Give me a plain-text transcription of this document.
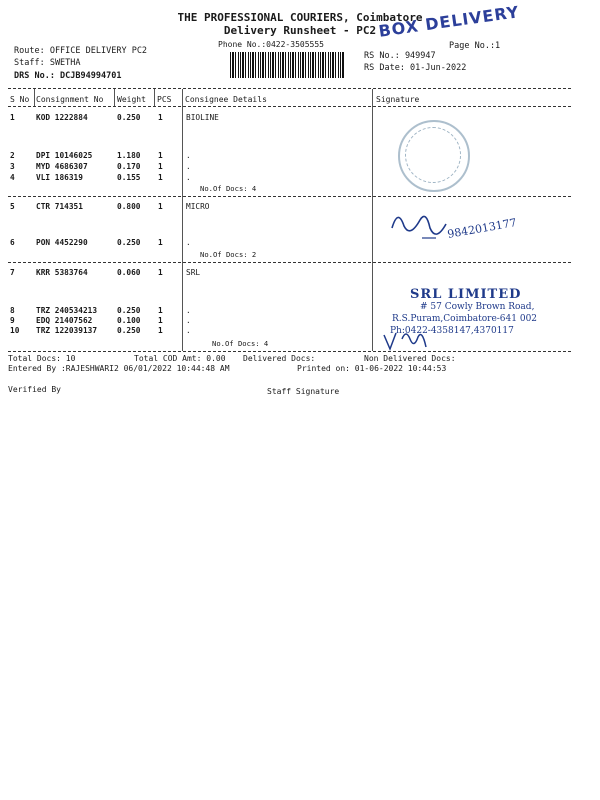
THE PROFESSIONAL COURIERS, Coimbatore
Delivery Runsheet - PC2 BOX DELIVERY
Phone No.:0422-3505555	Page No.:1
Route: OFFICE DELIVERY PC2
Staff: SWETHA
DRS No.: DCJB94994701
RS No.: 949947
RS Date: 01-Jun-2022
S No Consignment No Weight PCS Consignee Details	Signature
1	KOD 1222884	0.250 1	BIOLINE
2	DPI 10146025	1.180 1	.
3	MYD 4686307	0.170 1	.
4	VLI 186319	0.155 1	.
No.Of Docs: 4
5	CTR 714351	0.800 1	MICRO
6	PON 4452290	0.250 1	.
No.Of Docs: 2
7	KRR 5383764	0.060 1	SRL
8	TRZ 240534213	0.250 1	.
9	EDQ 21407562	0.100 1	.
10 TRZ 122039137	0.250 1	.
No.Of Docs: 4
9842013177
SRL LIMITED
# 57 Cowly Brown Road,
R.S.Puram,Coimbatore-641 002
Ph:0422-4358147,4370117
Total Docs: 10	Total COD Amt: 0.00 Delivered Docs:	Non Delivered Docs:
Entered By :RAJESHWARI2 06/01/2022 10:44:48 AM	Printed on: 01-06-2022 10:44:53
Verified By	Staff Signature
